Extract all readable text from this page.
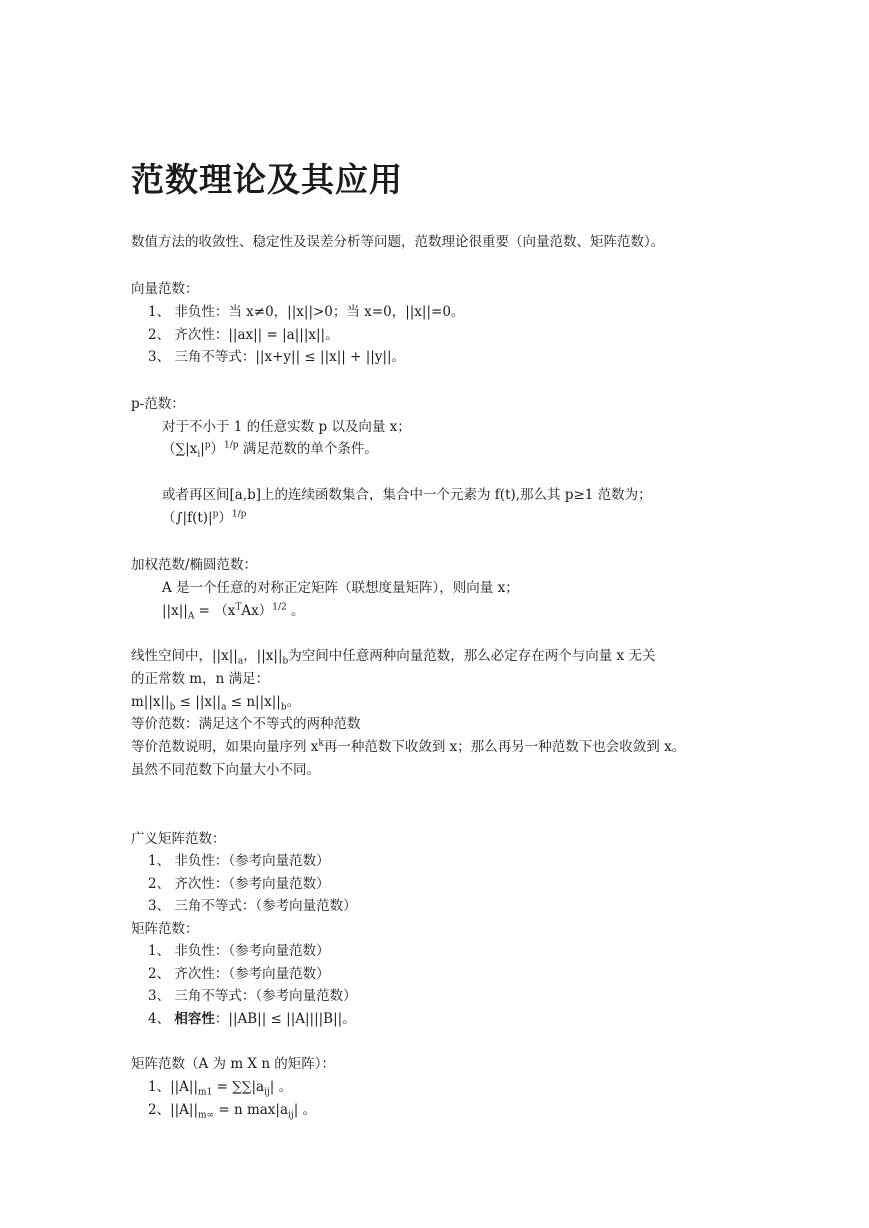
范数理论及其应用

数值方法的收敛性、稳定性及误差分析等问题，范数理论很重要（向量范数、矩阵范数）。

向量范数：

1、 非负性：当 x≠0，||x||>0；当 x=0，||x||=0。

2、 齐次性：||ax|| = |a|||x||。

3、 三角不等式：||x+y|| ≤ ||x|| + ||y||。

p-范数：

对于不小于 1 的任意实数 p 以及向量 x；

$(\sum|x_i|^p)^{1/p}$ 满足范数的单个条件。

或者再区间[a,b]上的连续函数集合，集合中一个元素为 f(t),那么其 p≥1 范数为；

$(\int|f(t)|^p)^{1/p}$

加权范数/椭圆范数：

A 是一个任意的对称正定矩阵（联想度量矩阵），则向量 x；

$||x||_A = (x^TAx)^{1/2}$ 。

线性空间中，$||x||_a$，$||x||_b$为空间中任意两种向量范数，那么必定存在两个与向量 x 无关

的正常数 m，n 满足：

$m||x||_b \le ||x||_a \le n||x||_b$。

等价范数：满足这个不等式的两种范数

等价范数说明，如果向量序列 $x^k$再一种范数下收敛到 x；那么再另一种范数下也会收敛到 x。

虽然不同范数下向量大小不同。

广义矩阵范数：

1、 非负性：（参考向量范数）

2、 齐次性：（参考向量范数）

3、 三角不等式：（参考向量范数）

矩阵范数：

1、 非负性：（参考向量范数）

2、 齐次性：（参考向量范数）

3、 三角不等式：（参考向量范数）

4、 相容性：||AB|| ≤ ||A||||B||。

矩阵范数（A 为 m X n 的矩阵）：

1、$||A||_{m1} = \sum\sum|a_{ij}|$ 。

2、$||A||_{m\infty} = n$ $\max|a_{ij}|$ 。
